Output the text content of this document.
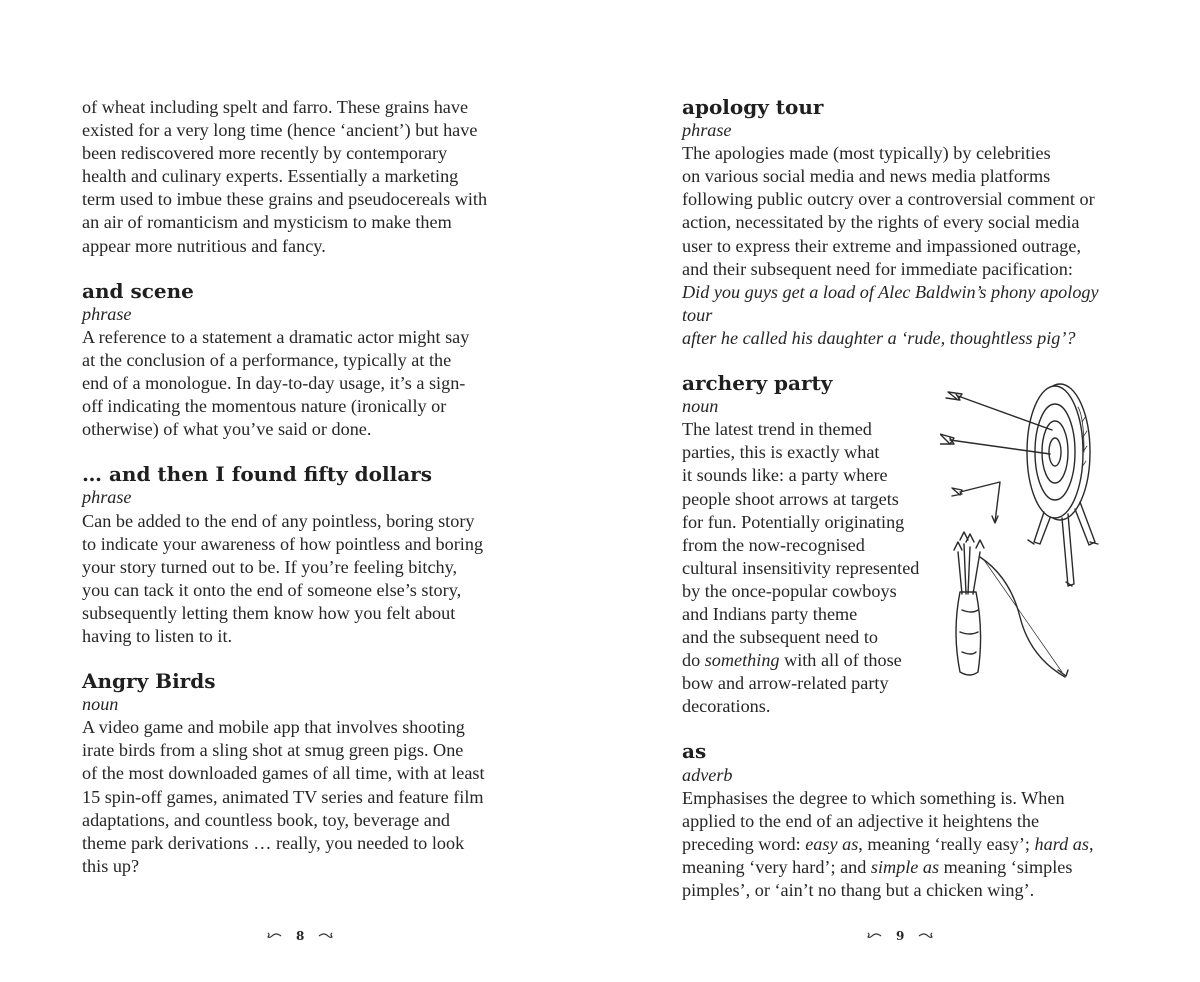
of wheat including spelt and farro. These grains have
existed for a very long time (hence ‘ancient’) but have
been rediscovered more recently by contemporary
health and culinary experts. Essentially a marketing
term used to imbue these grains and pseudocereals with
an air of romanticism and mysticism to make them
appear more nutritious and fancy.

and scene

phrase

A reference to a statement a dramatic actor might say
at the conclusion of a performance, typically at the
end of a monologue. In day-to-day usage, it’s a sign-
off indicating the momentous nature (ironically or
otherwise) of what you’ve said or done.

… and then I found fifty dollars

phrase

Can be added to the end of any pointless, boring story
to indicate your awareness of how pointless and boring
your story turned out to be. If you’re feeling bitchy,
you can tack it onto the end of someone else’s story,
subsequently letting them know how you felt about
having to listen to it.

Angry Birds

noun

A video game and mobile app that involves shooting
irate birds from a sling shot at smug green pigs. One
of the most downloaded games of all time, with at least
15 spin-off games, animated TV series and feature film
adaptations, and countless book, toy, beverage and
theme park derivations … really, you needed to look
this up?

apology tour

phrase

The apologies made (most typically) by celebrities
on various social media and news media platforms
following public outcry over a controversial comment or
action, necessitated by the rights of every social media
user to express their extreme and impassioned outrage,
and their subsequent need for immediate pacification:

Did you guys get a load of Alec Baldwin’s phony apology tour
after he called his daughter a ‘rude, thoughtless pig’?

archery party

noun

The latest trend in themed
parties, this is exactly what
it sounds like: a party where
people shoot arrows at targets
for fun. Potentially originating
from the now-recognised
cultural insensitivity represented
by the once-popular cowboys
and Indians party theme
and the subsequent need to
do something with all of those
bow and arrow-related party
decorations.

as

adverb

Emphasises the degree to which something is. When
applied to the end of an adjective it heightens the
preceding word: easy as, meaning ‘really easy’; hard as,
meaning ‘very hard’; and simple as meaning ‘simples
pimples’, or ‘ain’t no thang but a chicken wing’.

8	9
